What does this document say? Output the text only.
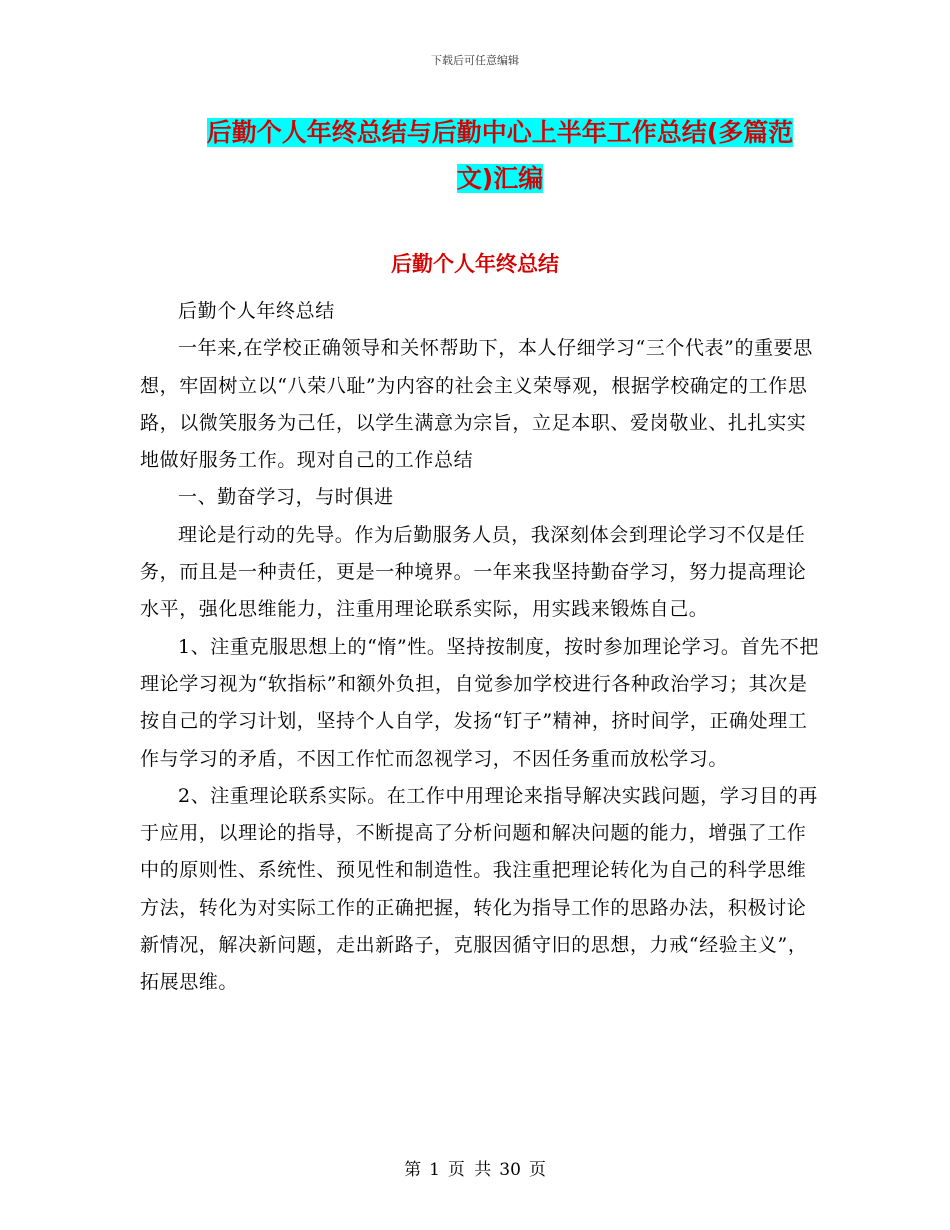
下载后可任意编辑
后勤个人年终总结与后勤中心上半年工作总结(多篇范
文)汇编
后勤个人年终总结

后勤个人年终总结

一年来,在学校正确领导和关怀帮助下，本人仔细学习“三个代表”的重要思想，牢固树立以“八荣八耻”为内容的社会主义荣辱观，根据学校确定的工作思路，以微笑服务为己任，以学生满意为宗旨，立足本职、爱岗敬业、扎扎实实地做好服务工作。现对自己的工作总结

一、勤奋学习，与时俱进

理论是行动的先导。作为后勤服务人员，我深刻体会到理论学习不仅是任务，而且是一种责任，更是一种境界。一年来我坚持勤奋学习，努力提高理论水平，强化思维能力，注重用理论联系实际，用实践来锻炼自己。

1、注重克服思想上的“惰”性。坚持按制度，按时参加理论学习。首先不把理论学习视为“软指标”和额外负担，自觉参加学校进行各种政治学习；其次是按自己的学习计划，坚持个人自学，发扬“钉子”精神，挤时间学，正确处理工作与学习的矛盾，不因工作忙而忽视学习，不因任务重而放松学习。

2、注重理论联系实际。在工作中用理论来指导解决实践问题，学习目的再于应用，以理论的指导，不断提高了分析问题和解决问题的能力，增强了工作中的原则性、系统性、预见性和制造性。我注重把理论转化为自己的科学思维方法，转化为对实际工作的正确把握，转化为指导工作的思路办法，积极讨论新情况，解决新问题，走出新路子，克服因循守旧的思想，力戒“经验主义”，拓展思维。

第 1 页 共 30 页
